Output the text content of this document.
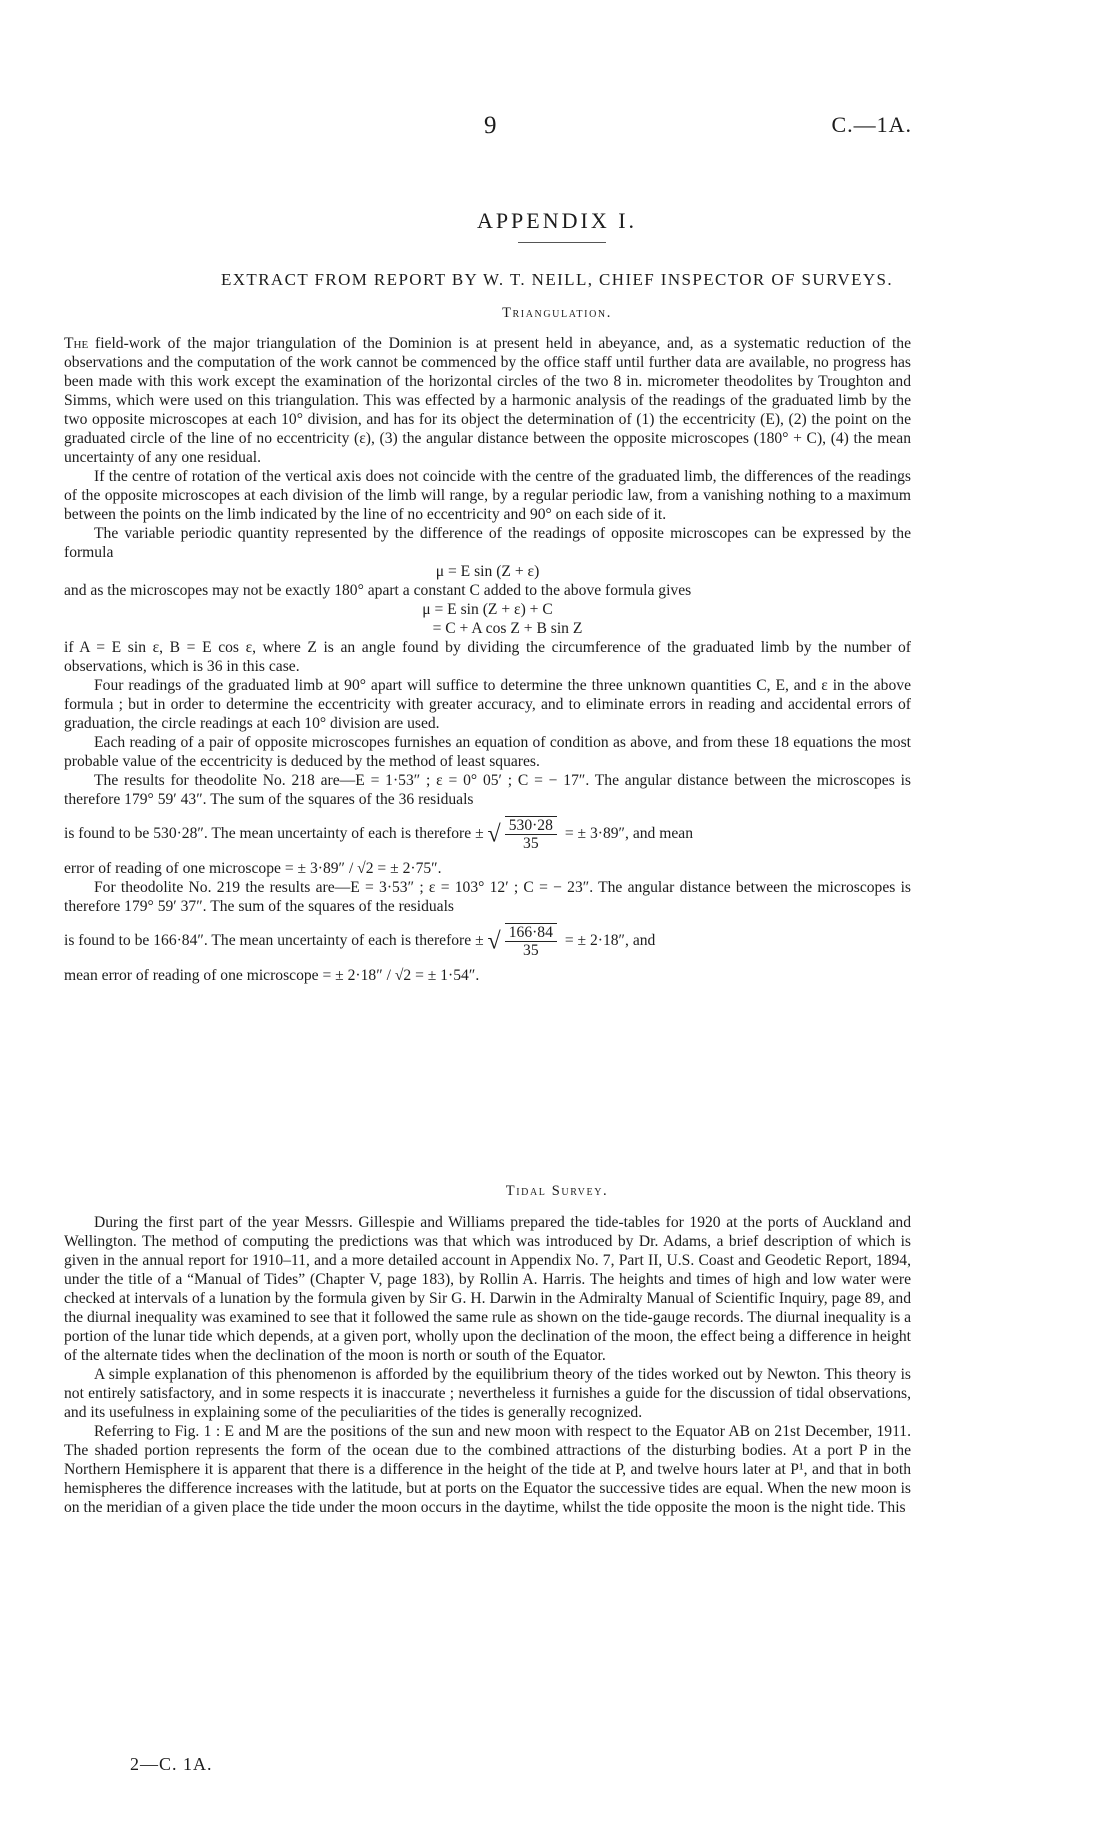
9	C.—1A.
APPENDIX I.
EXTRACT FROM REPORT BY W. T. NEILL, CHIEF INSPECTOR OF SURVEYS.
Triangulation.

The field-work of the major triangulation of the Dominion is at present held in abeyance, and, as a systematic reduction of the observations and the computation of the work cannot be commenced by the office staff until further data are available, no progress has been made with this work except the examination of the horizontal circles of the two 8 in. micrometer theodolites by Troughton and Simms, which were used on this triangulation. This was effected by a harmonic analysis of the readings of the graduated limb by the two opposite microscopes at each 10° division, and has for its object the determination of (1) the eccentricity (E), (2) the point on the graduated circle of the line of no eccentricity (ε), (3) the angular distance between the opposite microscopes (180° + C), (4) the mean uncertainty of any one residual.

If the centre of rotation of the vertical axis does not coincide with the centre of the graduated limb, the differences of the readings of the opposite microscopes at each division of the limb will range, by a regular periodic law, from a vanishing nothing to a maximum between the points on the limb indicated by the line of no eccentricity and 90° on each side of it.

The variable periodic quantity represented by the difference of the readings of opposite microscopes can be expressed by the formula

μ = E sin (Z + ε)

and as the microscopes may not be exactly 180° apart a constant C added to the above formula gives

μ = E sin (Z + ε) + C

= C + A cos Z + B sin Z

if A = E sin ε, B = E cos ε, where Z is an angle found by dividing the circumference of the graduated limb by the number of observations, which is 36 in this case.

Four readings of the graduated limb at 90° apart will suffice to determine the three unknown quantities C, E, and ε in the above formula ; but in order to determine the eccentricity with greater accuracy, and to eliminate errors in reading and accidental errors of graduation, the circle readings at each 10° division are used.

Each reading of a pair of opposite microscopes furnishes an equation of condition as above, and from these 18 equations the most probable value of the eccentricity is deduced by the method of least squares.

The results for theodolite No. 218 are—E = 1·53″ ; ε = 0° 05′ ; C = − 17″. The angular distance between the microscopes is therefore 179° 59′ 43″. The sum of the squares of the 36 residuals

is found to be 530·28″. The mean uncertainty of each is therefore ± √ $\frac{530\cdot 28}{35}$ = ± 3·89″, and mean

error of reading of one microscope = ± 3·89″ / √2 = ± 2·75″.

For theodolite No. 219 the results are—E = 3·53″ ; ε = 103° 12′ ; C = − 23″. The angular distance between the microscopes is therefore 179° 59′ 37″. The sum of the squares of the residuals

is found to be 166·84″. The mean uncertainty of each is therefore ± √ $\frac{166\cdot 84}{35}$ = ± 2·18″, and

mean error of reading of one microscope = ± 2·18″ / √2 = ± 1·54″.

Tidal Survey.

During the first part of the year Messrs. Gillespie and Williams prepared the tide-tables for 1920 at the ports of Auckland and Wellington. The method of computing the predictions was that which was introduced by Dr. Adams, a brief description of which is given in the annual report for 1910–11, and a more detailed account in Appendix No. 7, Part II, U.S. Coast and Geodetic Report, 1894, under the title of a “Manual of Tides” (Chapter V, page 183), by Rollin A. Harris. The heights and times of high and low water were checked at intervals of a lunation by the formula given by Sir G. H. Darwin in the Admiralty Manual of Scientific Inquiry, page 89, and the diurnal inequality was examined to see that it followed the same rule as shown on the tide-gauge records. The diurnal inequality is a portion of the lunar tide which depends, at a given port, wholly upon the declination of the moon, the effect being a difference in height of the alternate tides when the declination of the moon is north or south of the Equator.

A simple explanation of this phenomenon is afforded by the equilibrium theory of the tides worked out by Newton. This theory is not entirely satisfactory, and in some respects it is inaccurate ; nevertheless it furnishes a guide for the discussion of tidal observations, and its usefulness in explaining some of the peculiarities of the tides is generally recognized.

Referring to Fig. 1 : E and M are the positions of the sun and new moon with respect to the Equator AB on 21st December, 1911. The shaded portion represents the form of the ocean due to the combined attractions of the disturbing bodies. At a port P in the Northern Hemisphere it is apparent that there is a difference in the height of the tide at P, and twelve hours later at P¹, and that in both hemispheres the difference increases with the latitude, but at ports on the Equator the successive tides are equal. When the new moon is on the meridian of a given place the tide under the moon occurs in the daytime, whilst the tide opposite the moon is the night tide. This

2—C. 1A.
